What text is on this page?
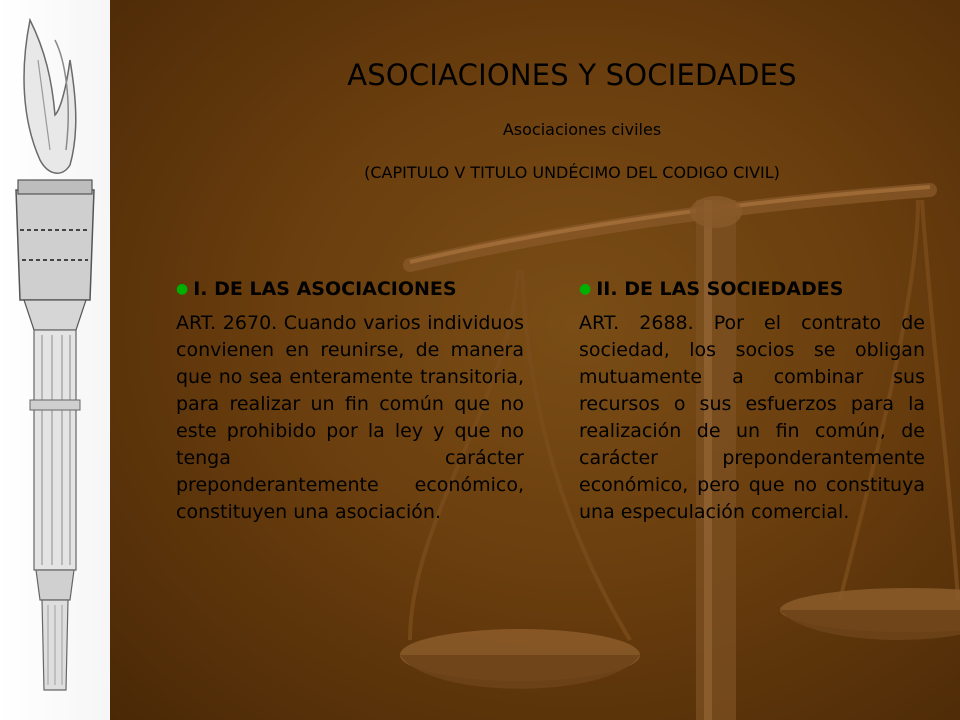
ASOCIACIONES Y SOCIEDADES
Asociaciones civiles
(CAPITULO V TITULO UNDÉCIMO DEL CODIGO CIVIL)

● I. DE LAS ASOCIACIONES

ART. 2670. Cuando varios individuos convienen en reunirse, de manera que no sea enteramente transitoria, para realizar un fin común que no este prohibido por la ley y que no tenga carácter preponderantemente económico, constituyen una asociación.

● II. DE LAS SOCIEDADES

ART. 2688. Por el contrato de sociedad, los socios se obligan mutuamente a combinar sus recursos o sus esfuerzos para la realización de un fin común, de carácter preponderantemente económico, pero que no constituya una especulación comercial.
